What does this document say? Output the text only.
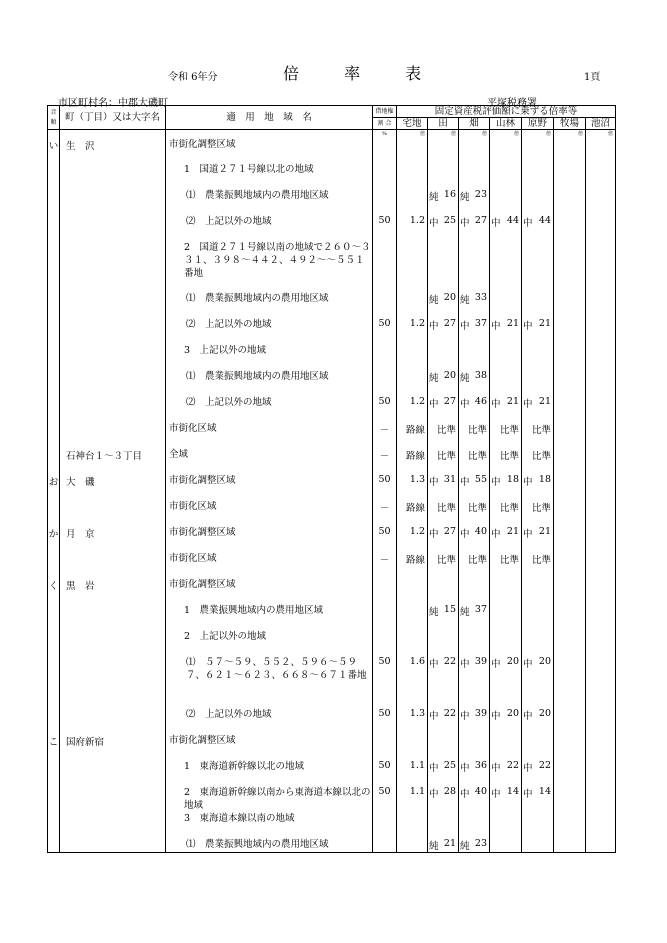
令和 6年分	倍 率 表	1頁
市区町村名：中郡大磯町	平塚税務署
音順	町（丁目）又は大字名	適　用　地　域　名	借地権	固定資産税評価額に乗ずる倍率等						
			割 合	宅地	田	畑	山林	原野	牧場	池沼
			%	倍	倍	倍	倍	倍	倍	倍
い	生　沢	市街化調整区域			

		1　国道２７１号線以北の地域			

		⑴　農業振興地域内の農用地区域			純 16	純 23				

		⑵　上記以外の地域	50	1.2	中 25	中 27	中 44	中 44		

		2　国道２７１号線以南の地域で２６０〜３３１、３９８〜４４２、４９２〜〜５５１番地			

		⑴　農業振興地域内の農用地区域			純 20	純 33				

		⑵　上記以外の地域	50	1.2	中 27	中 37	中 21	中 21		

		3　上記以外の地域			

		⑴　農業振興地域内の農用地区域			純 20	純 38				

		⑵　上記以外の地域	50	1.2	中 27	中 46	中 21	中 21		

		市街化区域	－	路線	比準	比準	比準	比準		

	石神台１〜３丁目	全域	－	路線	比準	比準	比準	比準		

お	大　磯	市街化調整区域	50	1.3	中 31	中 55	中 18	中 18		

		市街化区域	－	路線	比準	比準	比準	比準		

か	月　京	市街化調整区域	50	1.2	中 27	中 40	中 21	中 21		

		市街化区域	－	路線	比準	比準	比準	比準		

く	黒　岩	市街化調整区域			

		1　農業振興地域内の農用地区域			純 15	純 37				

		2　上記以外の地域			

		⑴　５７〜５９、５５２、５９６〜５９７、６２１〜６２３、６６８〜６７１番地	50	1.6	中 22	中 39	中 20	中 20		

		⑵　上記以外の地域	50	1.3	中 22	中 39	中 20	中 20		

こ	国府新宿	市街化調整区域			

		1　東海道新幹線以北の地域	50	1.1	中 25	中 36	中 22	中 22		

		2　東海道新幹線以南から東海道本線以北の地域	50	1.1	中 28	中 40	中 14	中 14		

		3　東海道本線以南の地域			

		⑴　農業振興地域内の農用地区域			純 21	純 23				
